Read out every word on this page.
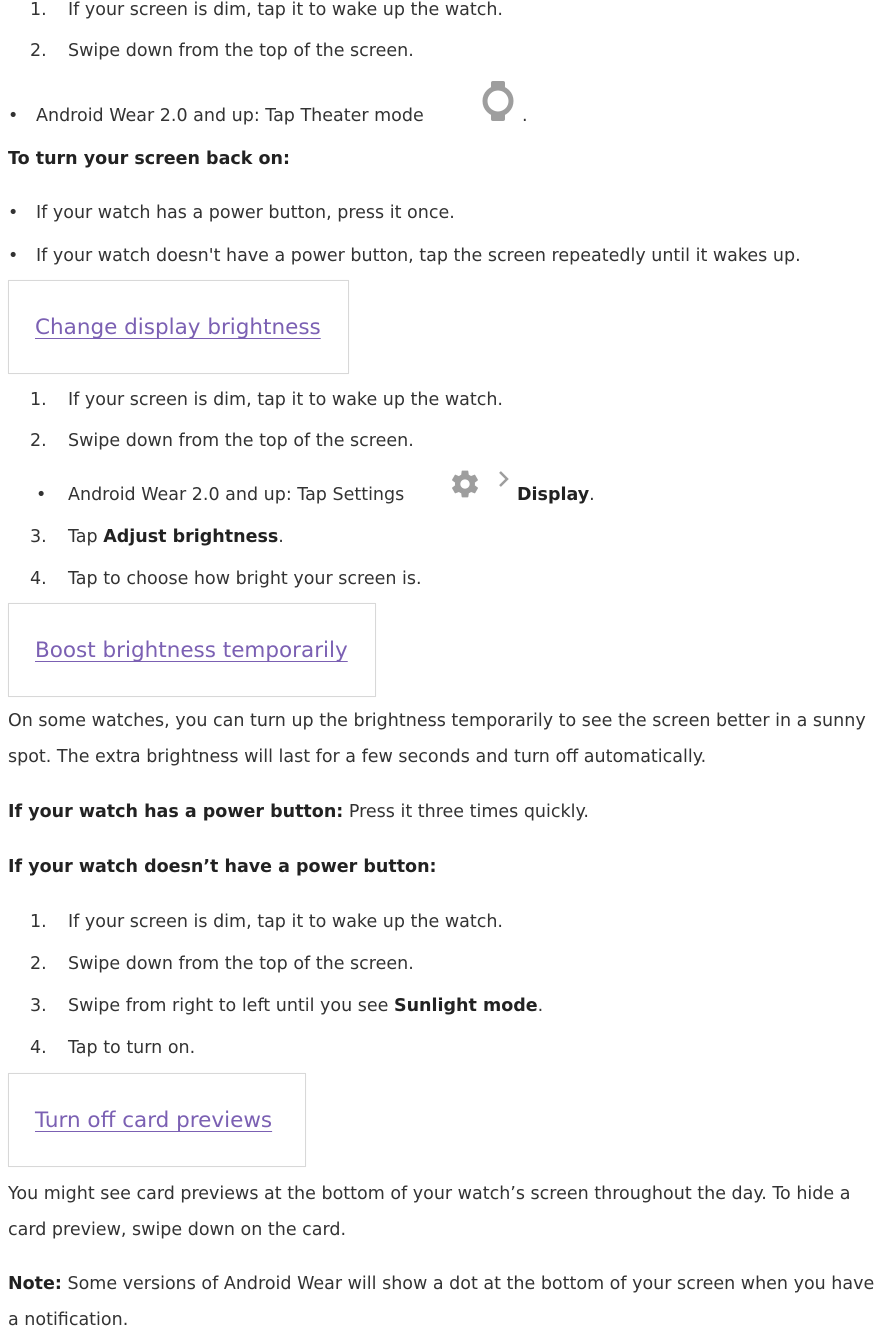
1. If your screen is dim, tap it to wake up the watch.
2. Swipe down from the top of the screen.
• Android Wear 2.0 and up: Tap Theater mode	.
To turn your screen back on:
• If your watch has a power button, press it once.
• If your watch doesn't have a power button, tap the screen repeatedly until it wakes up.
Change display brightness
1. If your screen is dim, tap it to wake up the watch.
2. Swipe down from the top of the screen.
• Android Wear 2.0 and up: Tap Settings	Display.
3. Tap Adjust brightness.
4. Tap to choose how bright your screen is.
Boost brightness temporarily
On some watches, you can turn up the brightness temporarily to see the screen better in a sunny spot. The extra brightness will last for a few seconds and turn off automatically.
If your watch has a power button: Press it three times quickly.
If your watch doesn’t have a power button:
1. If your screen is dim, tap it to wake up the watch.
2. Swipe down from the top of the screen.
3. Swipe from right to left until you see Sunlight mode.
4. Tap to turn on.
Turn off card previews
You might see card previews at the bottom of your watch’s screen throughout the day. To hide a card preview, swipe down on the card.
Note: Some versions of Android Wear will show a dot at the bottom of your screen when you have a notification.
